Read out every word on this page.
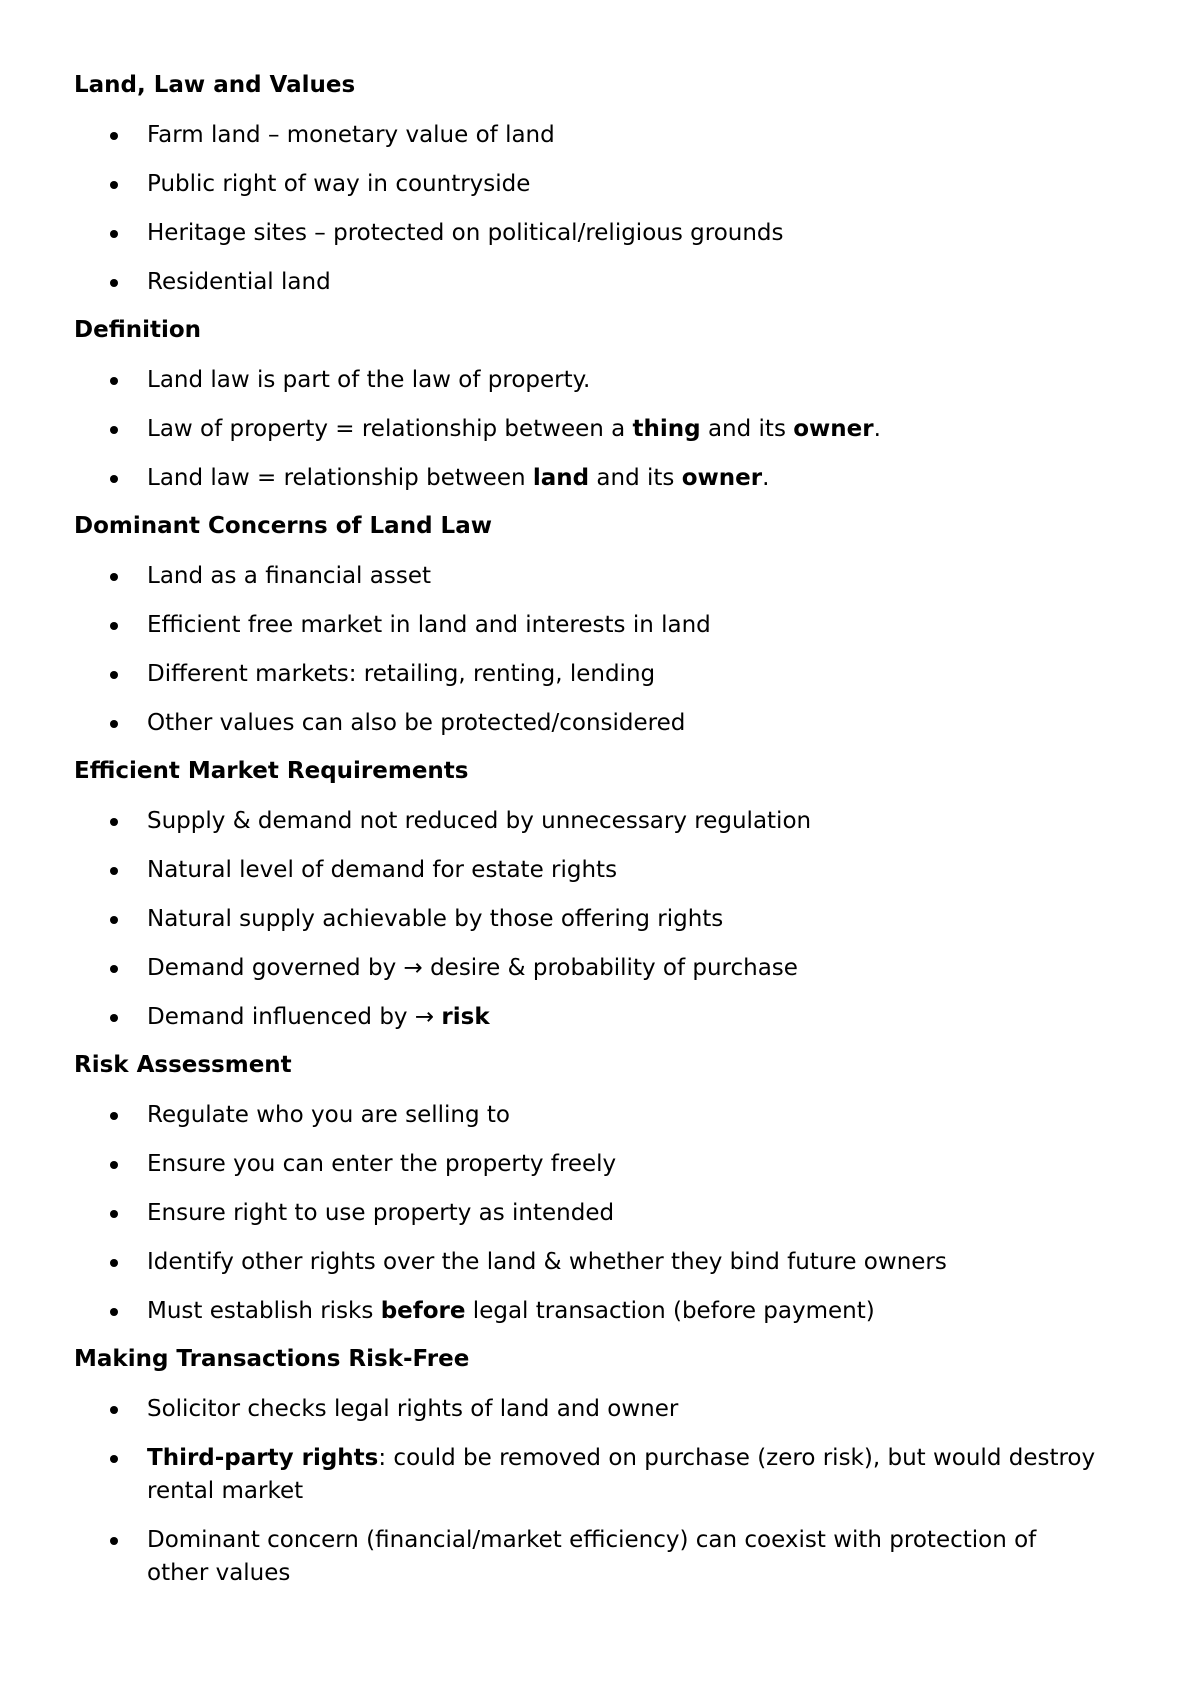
Land, Law and Values
Farm land – monetary value of land
Public right of way in countryside
Heritage sites – protected on political/religious grounds
Residential land
Definition
Land law is part of the law of property.
Law of property = relationship between a thing and its owner.
Land law = relationship between land and its owner.
Dominant Concerns of Land Law
Land as a financial asset
Efficient free market in land and interests in land
Different markets: retailing, renting, lending
Other values can also be protected/considered
Efficient Market Requirements
Supply & demand not reduced by unnecessary regulation
Natural level of demand for estate rights
Natural supply achievable by those offering rights
Demand governed by → desire & probability of purchase
Demand influenced by → risk
Risk Assessment
Regulate who you are selling to
Ensure you can enter the property freely
Ensure right to use property as intended
Identify other rights over the land & whether they bind future owners
Must establish risks before legal transaction (before payment)
Making Transactions Risk-Free
Solicitor checks legal rights of land and owner
Third-party rights: could be removed on purchase (zero risk), but would destroy rental market
Dominant concern (financial/market efficiency) can coexist with protection of other values
